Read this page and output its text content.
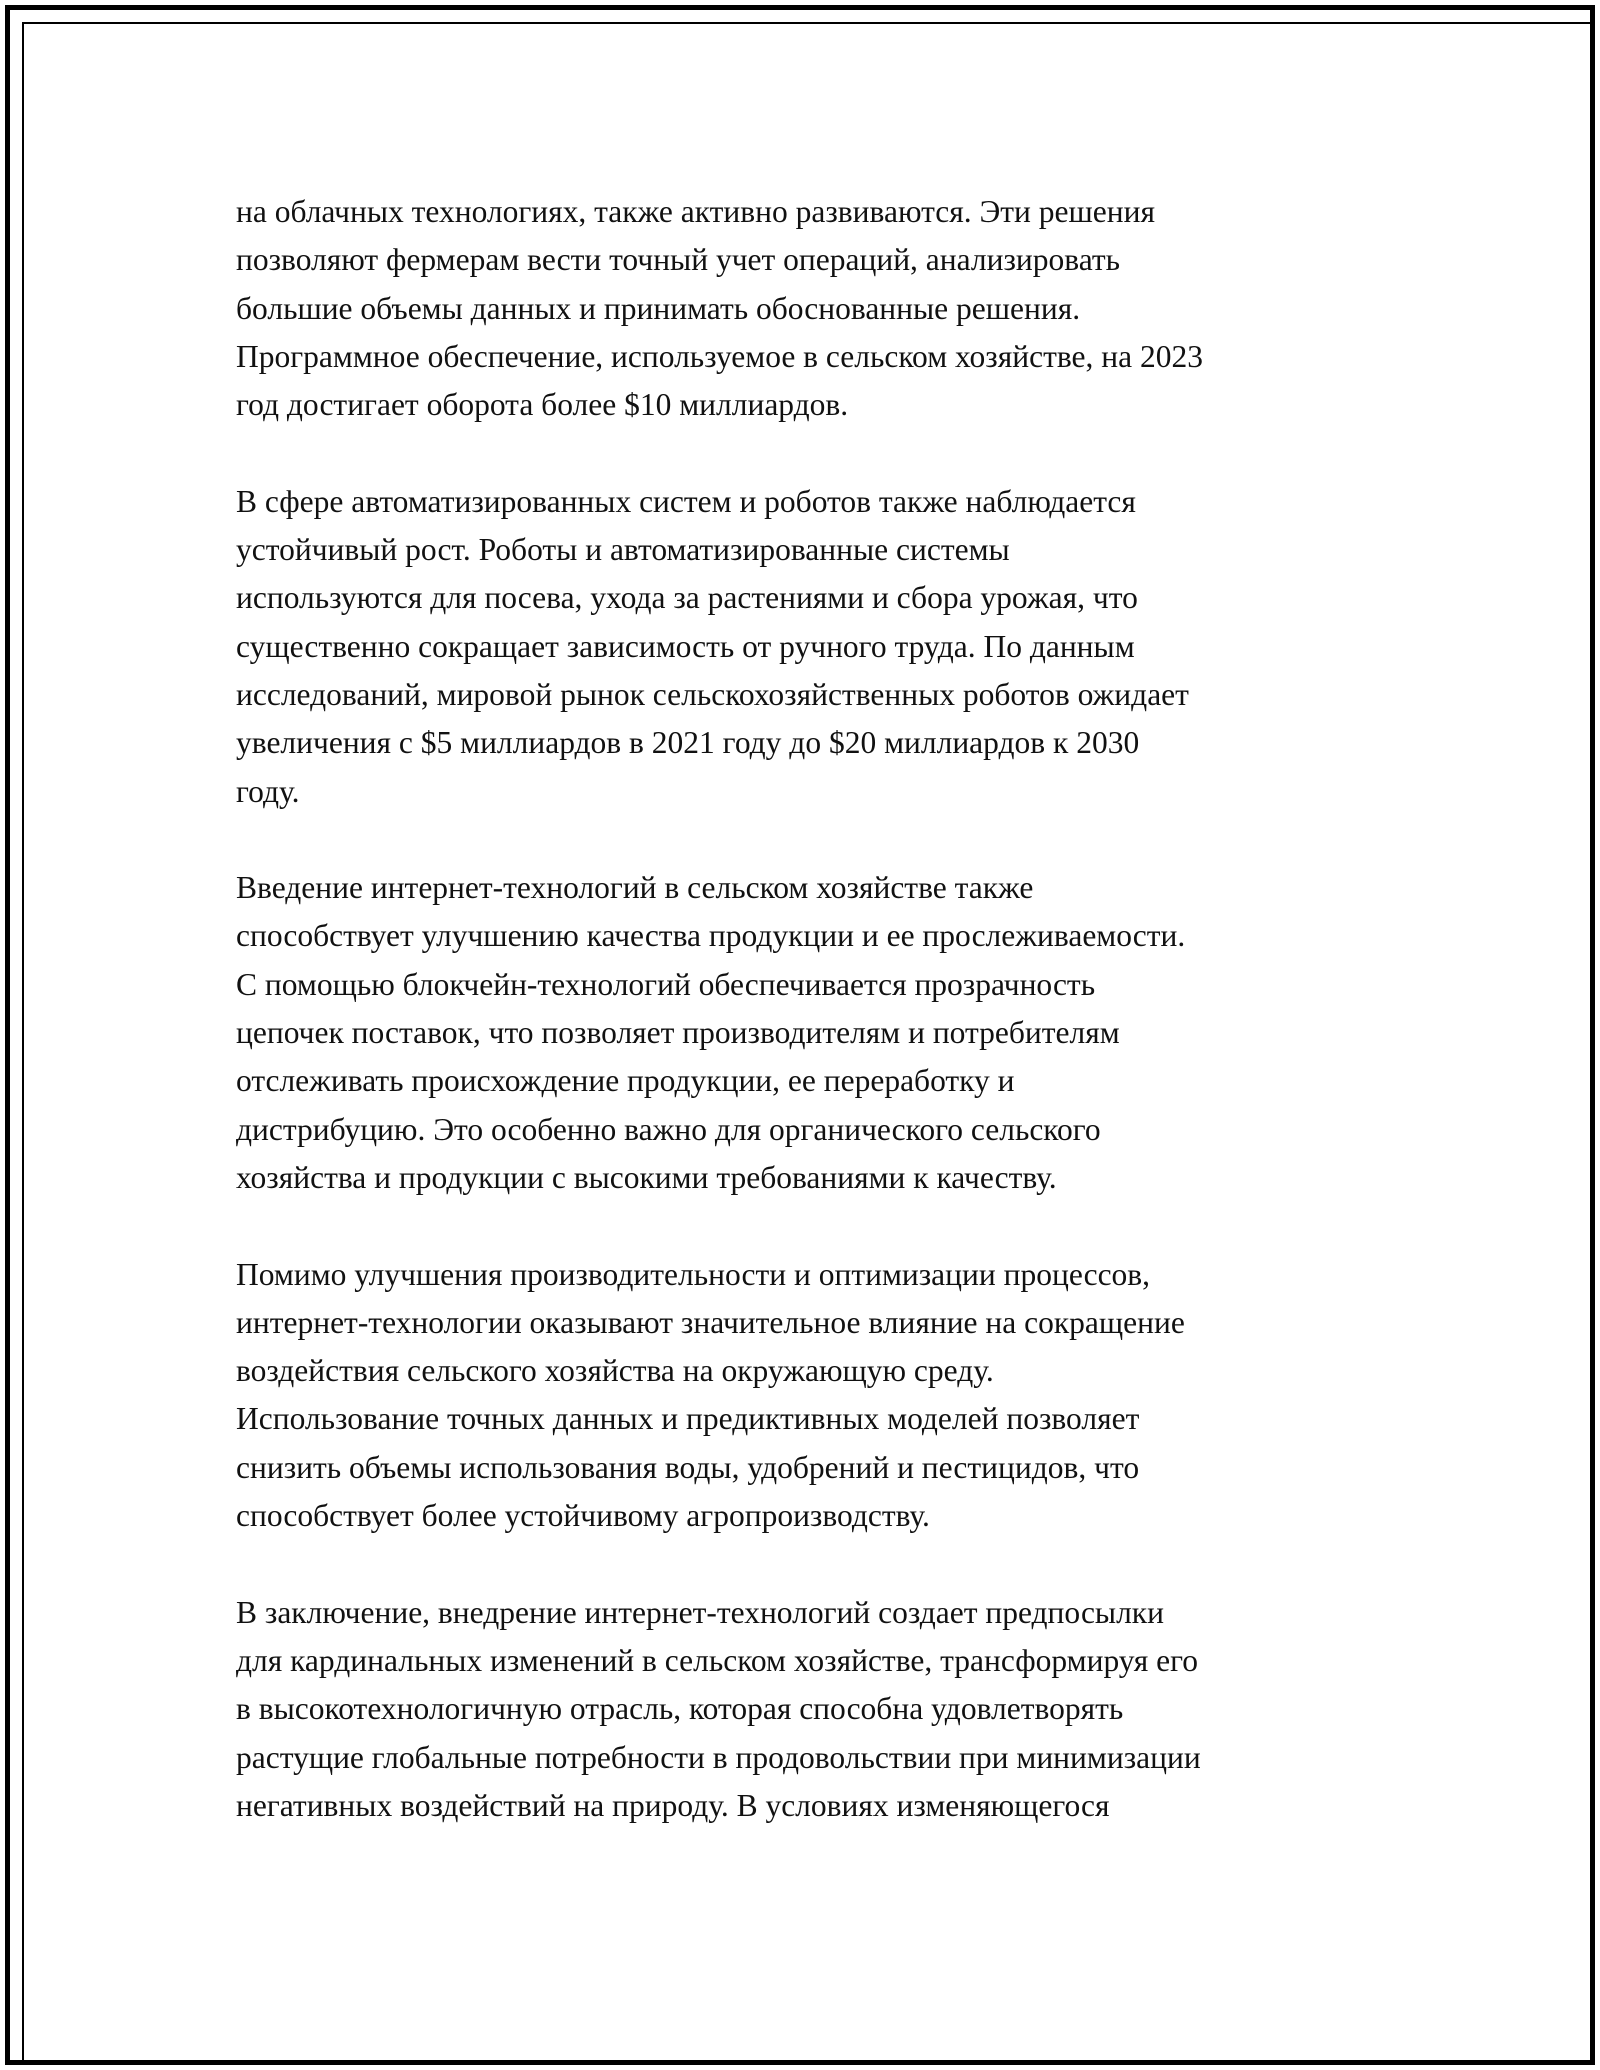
на облачных технологиях, также активно развиваются. Эти решения
позволяют фермерам вести точный учет операций, анализировать
большие объемы данных и принимать обоснованные решения.
Программное обеспечение, используемое в сельском хозяйстве, на 2023
год достигает оборота более $10 миллиардов.

В сфере автоматизированных систем и роботов также наблюдается
устойчивый рост. Роботы и автоматизированные системы
используются для посева, ухода за растениями и сбора урожая, что
существенно сокращает зависимость от ручного труда. По данным
исследований, мировой рынок сельскохозяйственных роботов ожидает
увеличения с $5 миллиардов в 2021 году до $20 миллиардов к 2030
году.

Введение интернет-технологий в сельском хозяйстве также
способствует улучшению качества продукции и ее прослеживаемости.
С помощью блокчейн-технологий обеспечивается прозрачность
цепочек поставок, что позволяет производителям и потребителям
отслеживать происхождение продукции, ее переработку и
дистрибуцию. Это особенно важно для органического сельского
хозяйства и продукции с высокими требованиями к качеству.

Помимо улучшения производительности и оптимизации процессов,
интернет-технологии оказывают значительное влияние на сокращение
воздействия сельского хозяйства на окружающую среду.
Использование точных данных и предиктивных моделей позволяет
снизить объемы использования воды, удобрений и пестицидов, что
способствует более устойчивому агропроизводству.

В заключение, внедрение интернет-технологий создает предпосылки
для кардинальных изменений в сельском хозяйстве, трансформируя его
в высокотехнологичную отрасль, которая способна удовлетворять
растущие глобальные потребности в продовольствии при минимизации
негативных воздействий на природу. В условиях изменяющегося
